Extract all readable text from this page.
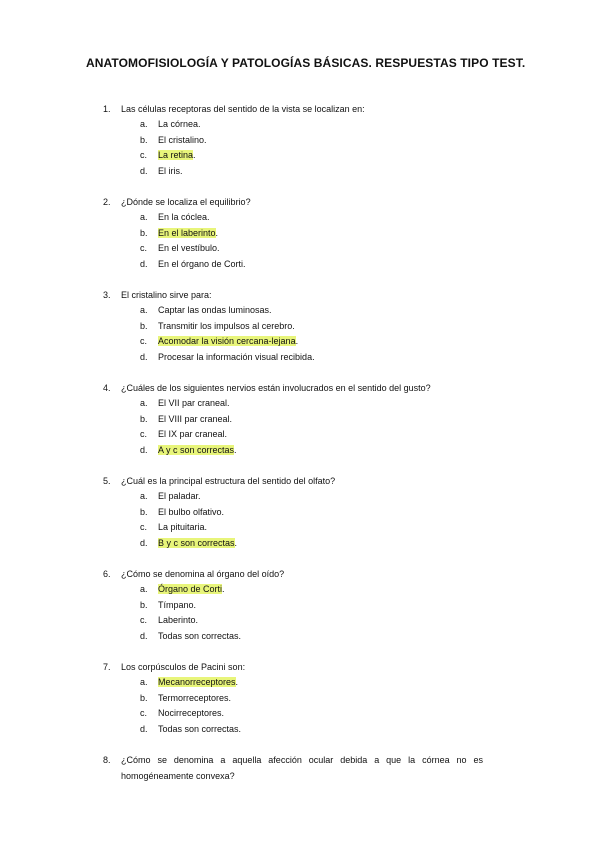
ANATOMOFISIOLOGÍA Y PATOLOGÍAS BÁSICAS. RESPUESTAS TIPO TEST.
1.	Las células receptoras del sentido de la vista se localizan en:
a. La córnea.
b. El cristalino.
c. La retina.
d. El iris.
2.	¿Dónde se localiza el equilibrio?
a. En la cóclea.
b. En el laberinto.
c. En el vestíbulo.
d. En el órgano de Corti.
3.	El cristalino sirve para:
a. Captar las ondas luminosas.
b. Transmitir los impulsos al cerebro.
c. Acomodar la visión cercana-lejana.
d. Procesar la información visual recibida.
4.	¿Cuáles de los siguientes nervios están involucrados en el sentido del gusto?
a. El VII par craneal.
b. El VIII par craneal.
c. El IX par craneal.
d. A y c son correctas.
5.	¿Cuál es la principal estructura del sentido del olfato?
a. El paladar.
b. El bulbo olfativo.
c. La pituitaria.
d. B y c son correctas.
6.	¿Cómo se denomina al órgano del oído?
a. Órgano de Corti.
b. Tímpano.
c. Laberinto.
d. Todas son correctas.
7.	Los corpúsculos de Pacini son:
a. Mecanorreceptores.
b. Termorreceptores.
c. Nocirreceptores.
d. Todas son correctas.
8.	¿Cómo se denomina a aquella afección ocular debida a que la córnea no es homogéneamente convexa?
